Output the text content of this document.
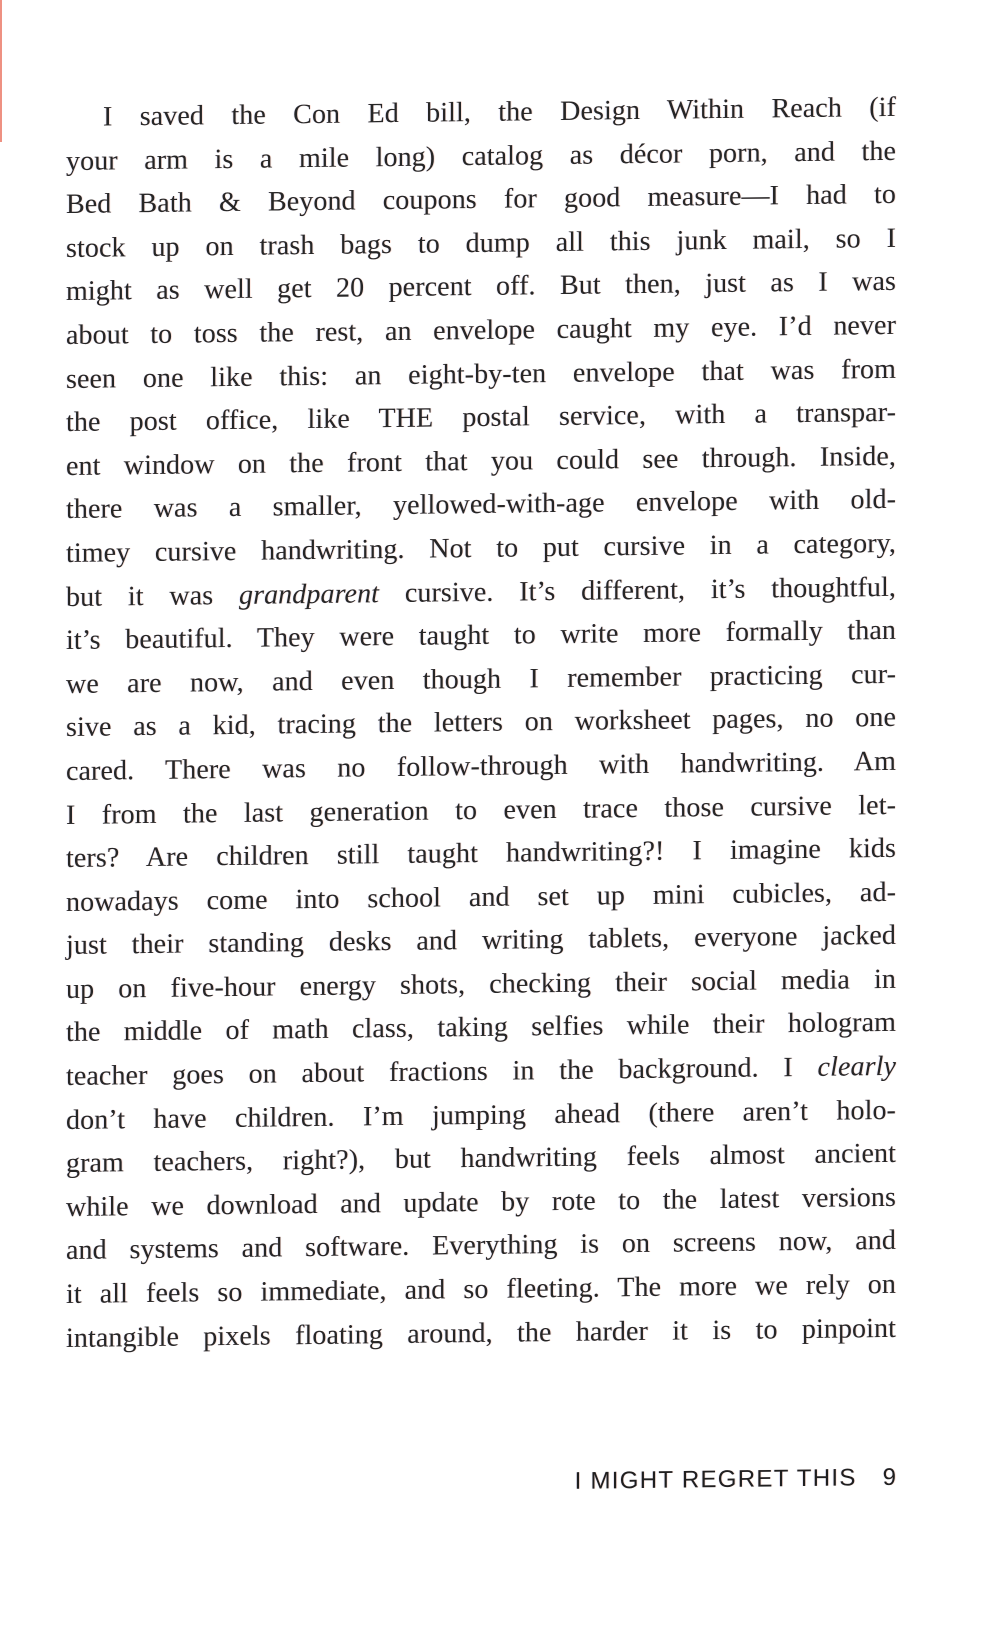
I saved the Con Ed bill, the Design Within Reach (if
your arm is a mile long) catalog as décor porn, and the
Bed Bath & Beyond coupons for good measure—I had to
stock up on trash bags to dump all this junk mail, so I
might as well get 20 percent off. But then, just as I was
about to toss the rest, an envelope caught my eye. I’d never
seen one like this: an eight-by-ten envelope that was from
the post office, like THE postal service, with a transpar-
ent window on the front that you could see through. Inside,
there was a smaller, yellowed-with-age envelope with old-
timey cursive handwriting. Not to put cursive in a category,
but it was grandparent cursive. It’s different, it’s thoughtful,
it’s beautiful. They were taught to write more formally than
we are now, and even though I remember practicing cur-
sive as a kid, tracing the letters on worksheet pages, no one
cared. There was no follow-through with handwriting. Am
I from the last generation to even trace those cursive let-
ters? Are children still taught handwriting?! I imagine kids
nowadays come into school and set up mini cubicles, ad-
just their standing desks and writing tablets, everyone jacked
up on five-hour energy shots, checking their social media in
the middle of math class, taking selfies while their hologram
teacher goes on about fractions in the background. I clearly
don’t have children. I’m jumping ahead (there aren’t holo-
gram teachers, right?), but handwriting feels almost ancient
while we download and update by rote to the latest versions
and systems and software. Everything is on screens now, and
it all feels so immediate, and so fleeting. The more we rely on
intangible pixels floating around, the harder it is to pinpoint
I MIGHT REGRET THIS 9
